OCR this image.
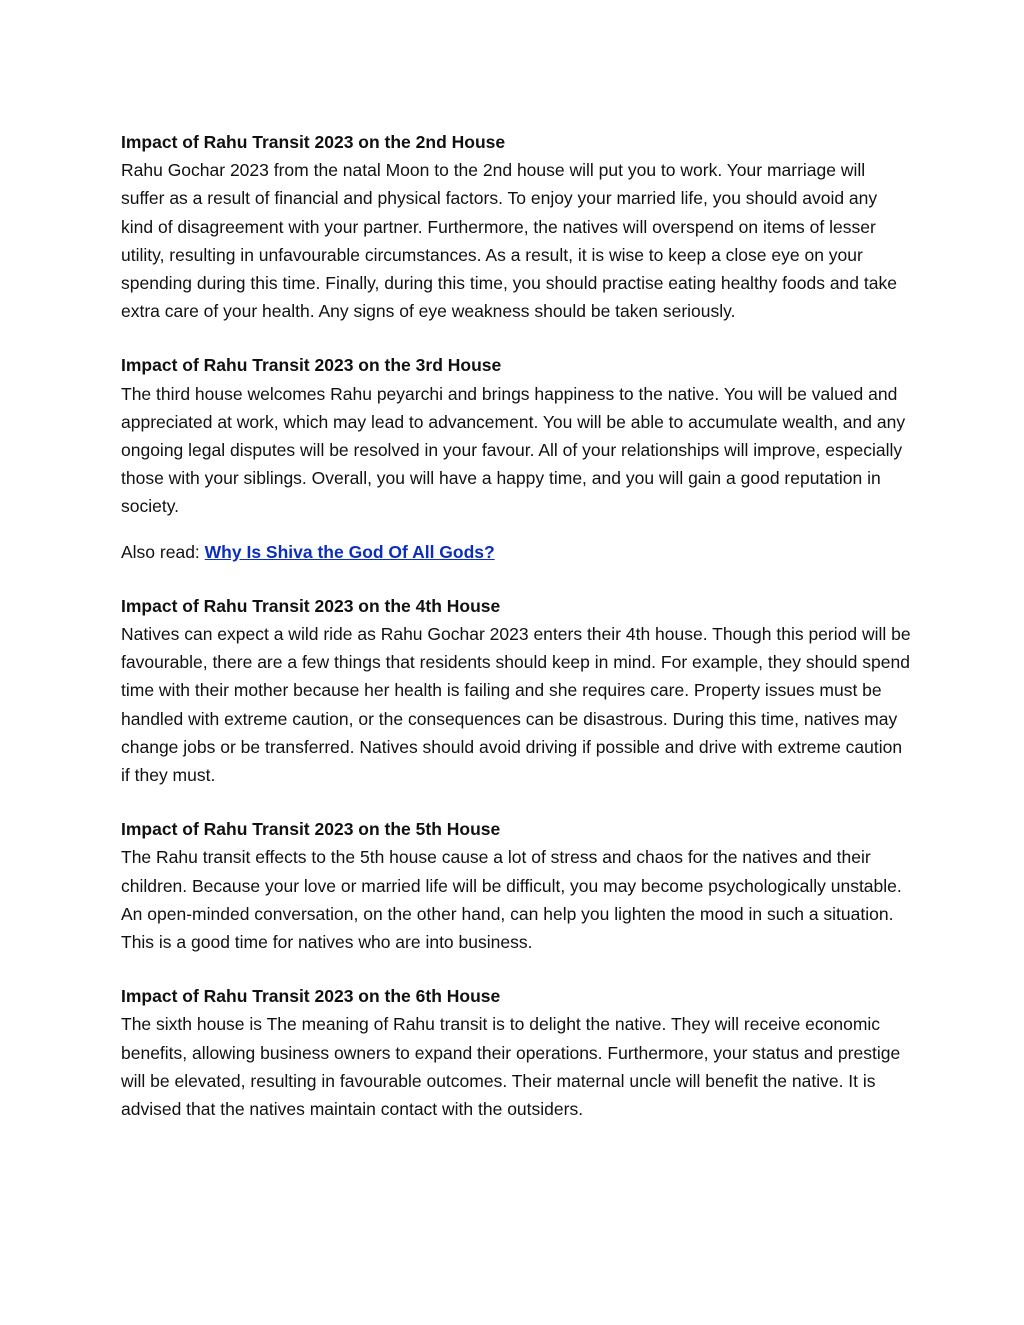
Impact of Rahu Transit 2023 on the 2nd House
Rahu Gochar 2023 from the natal Moon to the 2nd house will put you to work. Your marriage will suffer as a result of financial and physical factors. To enjoy your married life, you should avoid any kind of disagreement with your partner. Furthermore, the natives will overspend on items of lesser utility, resulting in unfavourable circumstances. As a result, it is wise to keep a close eye on your spending during this time. Finally, during this time, you should practise eating healthy foods and take extra care of your health. Any signs of eye weakness should be taken seriously.
Impact of Rahu Transit 2023 on the 3rd House
The third house welcomes Rahu peyarchi and brings happiness to the native. You will be valued and appreciated at work, which may lead to advancement. You will be able to accumulate wealth, and any ongoing legal disputes will be resolved in your favour. All of your relationships will improve, especially those with your siblings. Overall, you will have a happy time, and you will gain a good reputation in society.
Also read: Why Is Shiva the God Of All Gods?
Impact of Rahu Transit 2023 on the 4th House
Natives can expect a wild ride as Rahu Gochar 2023 enters their 4th house. Though this period will be favourable, there are a few things that residents should keep in mind. For example, they should spend time with their mother because her health is failing and she requires care. Property issues must be handled with extreme caution, or the consequences can be disastrous. During this time, natives may change jobs or be transferred. Natives should avoid driving if possible and drive with extreme caution if they must.
Impact of Rahu Transit 2023 on the 5th House
The Rahu transit effects to the 5th house cause a lot of stress and chaos for the natives and their children. Because your love or married life will be difficult, you may become psychologically unstable. An open-minded conversation, on the other hand, can help you lighten the mood in such a situation. This is a good time for natives who are into business.
Impact of Rahu Transit 2023 on the 6th House
The sixth house is The meaning of Rahu transit is to delight the native. They will receive economic benefits, allowing business owners to expand their operations. Furthermore, your status and prestige will be elevated, resulting in favourable outcomes. Their maternal uncle will benefit the native. It is advised that the natives maintain contact with the outsiders.
